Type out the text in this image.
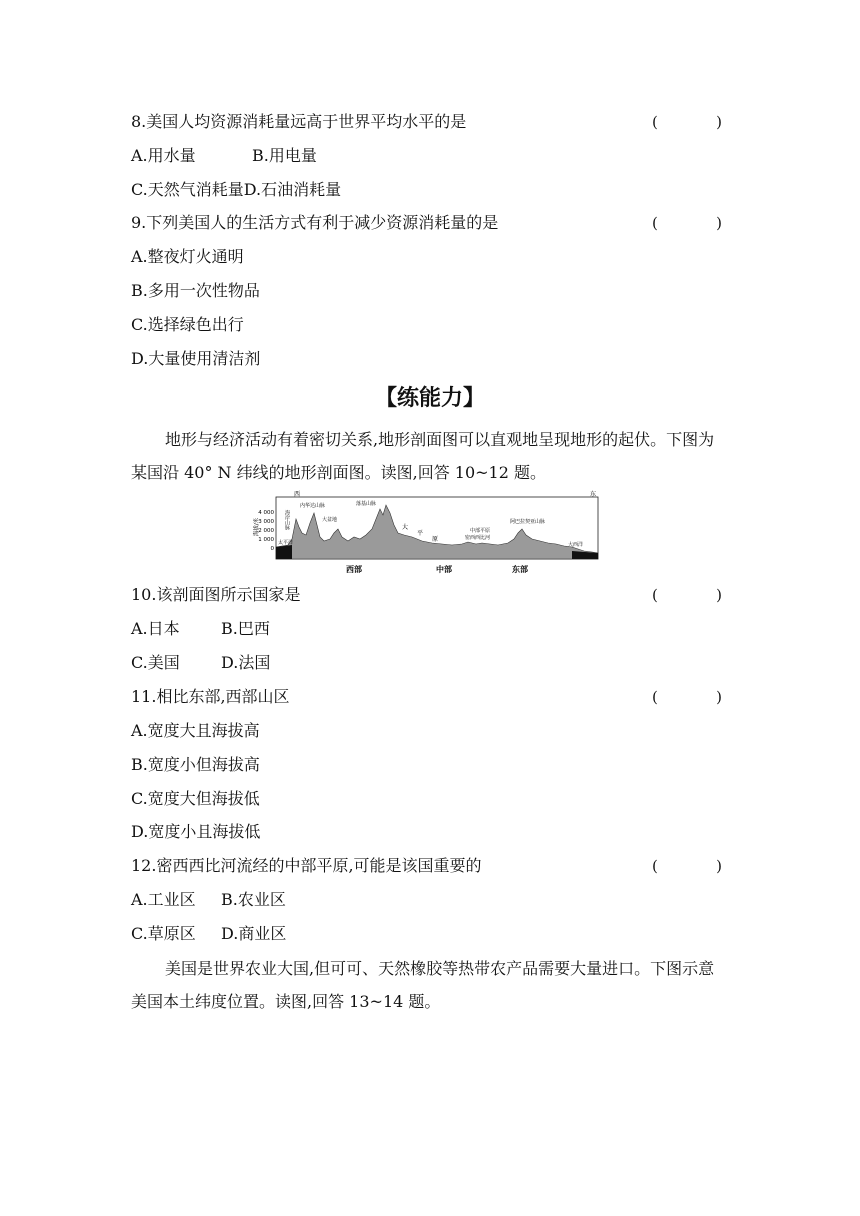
8.美国人均资源消耗量远高于世界平均水平的是	(	)
A.用水量	B.用电量
C.天然气消耗量D.石油消耗量
9.下列美国人的生活方式有利于减少资源消耗量的是	(	)
A.整夜灯火通明
B.多用一次性物品
C.选择绿色出行
D.大量使用清洁剂
【练能力】
地形与经济活动有着密切关系,地形剖面图可以直观地呈现地形的起伏。下图为某国沿 40° N 纬线的地形剖面图。读图,回答 10~12 题。
海拔/米
4 000
3 000
2 000
1 000
0
西	东
太平洋
海岸山脉
内华达山脉
大盆地
落基山脉
大
平
原
中部平原
密西西比河
阿巴拉契亚山脉
大西洋
西部	中部	东部
10.该剖面图所示国家是	(	)
A.日本	B.巴西
C.美国	D.法国
11.相比东部,西部山区	(	)
A.宽度大且海拔高
B.宽度小但海拔高
C.宽度大但海拔低
D.宽度小且海拔低
12.密西西比河流经的中部平原,可能是该国重要的	(	)
A.工业区 B.农业区
C.草原区 D.商业区
美国是世界农业大国,但可可、天然橡胶等热带农产品需要大量进口。下图示意美国本土纬度位置。读图,回答 13~14 题。
